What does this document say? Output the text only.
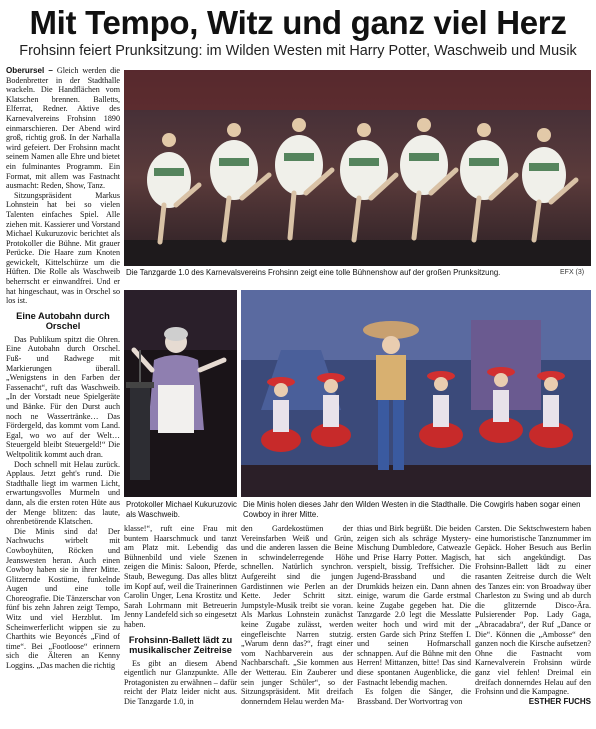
Mit Tempo, Witz und ganz viel Herz
Frohsinn feiert Prunksitzung: im Wilden Westen mit Harry Potter, Waschweib und Musik

Oberursel – Gleich werden die Bodenbretter in der Stadthalle wackeln. Die Handflächen vom Klatschen brennen. Balletts, Elferrat, Redner. Aktive des Karnevalvereins Frohsinn 1890 einmarschieren. Der Abend wird groß, richtig groß. In der Narhalla wird gefeiert. Der Frohsinn macht seinem Namen alle Ehre und bietet ein fulminantes Programm. Ein Format, mit allem was Fastnacht ausmacht: Reden, Show, Tanz.

Sitzungspräsident Markus Lohnstein hat bei so vielen Talenten einfaches Spiel. Alle ziehen mit. Kassierer und Vorstand Michael Kukuruzovic berichtet als Protokoller die Bühne. Mit grauer Perücke. Die Haare zum Knoten gewickelt, Kittelschürze um die Hüften. Die Rolle als Waschweib beherrscht er einwandfrei. Und er hat hingeschaut, was in Orschel so los ist.

Eine Autobahn durch Orschel

Das Publikum spitzt die Ohren. Eine Autobahn durch Orschel. Fuß- und Radwege mit Markierungen überall. „Wenigstens in den Farben der Fassenacht“, ruft das Waschweib. „In der Vorstadt neue Spielgeräte und Bänke. Für den Durst auch noch ne Wassertränke… Das Fördergeld, das kommt vom Land. Egal, wo wo auf der Welt… Steuergeld bleibt Steuergeld!“ Die Weltpolitik kommt auch dran.

Doch schnell mit Helau zurück. Applaus. Jetzt geht's rund. Die Stadthalle liegt im warmen Licht, erwartungsvolles Murmeln und dann, als die ersten roten Hüte aus der Menge blitzen: das laute, ohrenbetörende Klatschen.

Die Minis sind da! Der Nachwuchs wirbelt mit Cowboyhüten, Röcken und Jeanswesten heran. Auch einen Cowboy haben sie in ihrer Mitte. Glitzernde Kostüme, funkelnde Augen und eine tolle Choreografie. Die Tänzerschar von fünf bis zehn Jahren zeigt Tempo, Witz und viel Herzblut. Im Scheinwerferlicht wippen sie zu Charthits wie Beyoncés „Find of time“. Bei „Footloose“ erinnern sich die Älteren an Kenny Loggins. „Das machen die richtig

Die Tanzgarde 1.0 des Karnevalsvereins Frohsinn zeigt eine tolle Bühnenshow auf der großen Prunksitzung.	EFX (3)
Protokoller Michael Kukuruzovic als Waschweib.
Die Minis holen dieses Jahr den Wilden Westen in die Stadthalle. Die Cowgirls haben sogar einen Cowboy in ihrer Mitte.

klasse!“, ruft eine Frau mit buntem Haarschmuck und tanzt am Platz mit. Lebendig das Bühnenbild und viele Szenen zeigen die Minis: Saloon, Pferde, Staub, Bewegung. Das alles blitzt im Kopf auf, weil die Trainerinnen Carolin Unger, Lena Krostitz und Sarah Lohrmann mit Betreuerin Jenny Landefeld sich so eingesetzt haben.

Frohsinn-Ballett lädt zu musikalischer Zeitreise

Es gibt an diesem Abend eigentlich nur Glanzpunkte. Alle Protagonisten zu erwähnen – dafür reicht der Platz leider nicht aus. Die Tanzgarde 1.0, in

den Gardekostümen der Vereinsfarben Weiß und Grün, und die anderen lassen die Beine in schwindelerregende Höhe schnellen. Natürlich synchron. Aufgereiht sind die jungen Gardistinnen wie Perlen an der Kette. Jeder Schritt sitzt. Jumpstyle-Musik treibt sie voran. Als Markus Lohnstein zunächst keine Zugabe zulässt, werden eingefleischte Narren stutzig. „Warum denn das?“, fragt einer vom Nachbarverein aus der Nachbarschaft. „Sie kommen aus der Wetterau. Ein Zauberer und sein junger Schüler“, so der Sitzungspräsident. Mit dreifach donnerndem Helau werden Ma-

thias und Birk begrüßt. Die beiden zeigen sich als schräge Mystery-Mischung Dumbledore, Catweazle und Prise Harry Potter. Magisch, verspielt, bissig. Treffsicher. Die Jugend-Brassband und die Drumkids heizen ein. Dann ahnen einige, warum die Garde erstmal keine Zugabe gegeben hat. Die Tanzgarde 2.0 legt die Messlatte weiter hoch und wird mit der ersten Garde sich Prinz Steffen I. und seinen Hofmarschall schnappen. Auf die Bühne mit den Herren! Mittanzen, bitte! Das sind diese spontanen Augenblicke, die Fastnacht lebendig machen.

Es folgen die Sänger, die Brassband. Der Wortvortrag von

Carsten. Die Sektschwestern haben eine humoristische Tanznummer im Gepäck. Hoher Besuch aus Berlin hat sich angekündigt. Das Frohsinn-Ballett lädt zu einer rasanten Zeitreise durch die Welt des Tanzes ein: von Broadway über Charleston zu Swing und ab durch die glitzernde Disco-Ära. Pulsierender Pop. Lady Gaga, „Abracadabra“, der Ruf „Dance or Die“. Können die „Ambosse“ den ganzen noch die Kirsche aufsetzen? Ohne die Fastnacht vom Karnevalverein Frohsinn würde ganz viel fehlen! Dreimal ein dreifach donnerndes Helau auf den Frohsinn und die Kampagne.

ESTHER FUCHS
